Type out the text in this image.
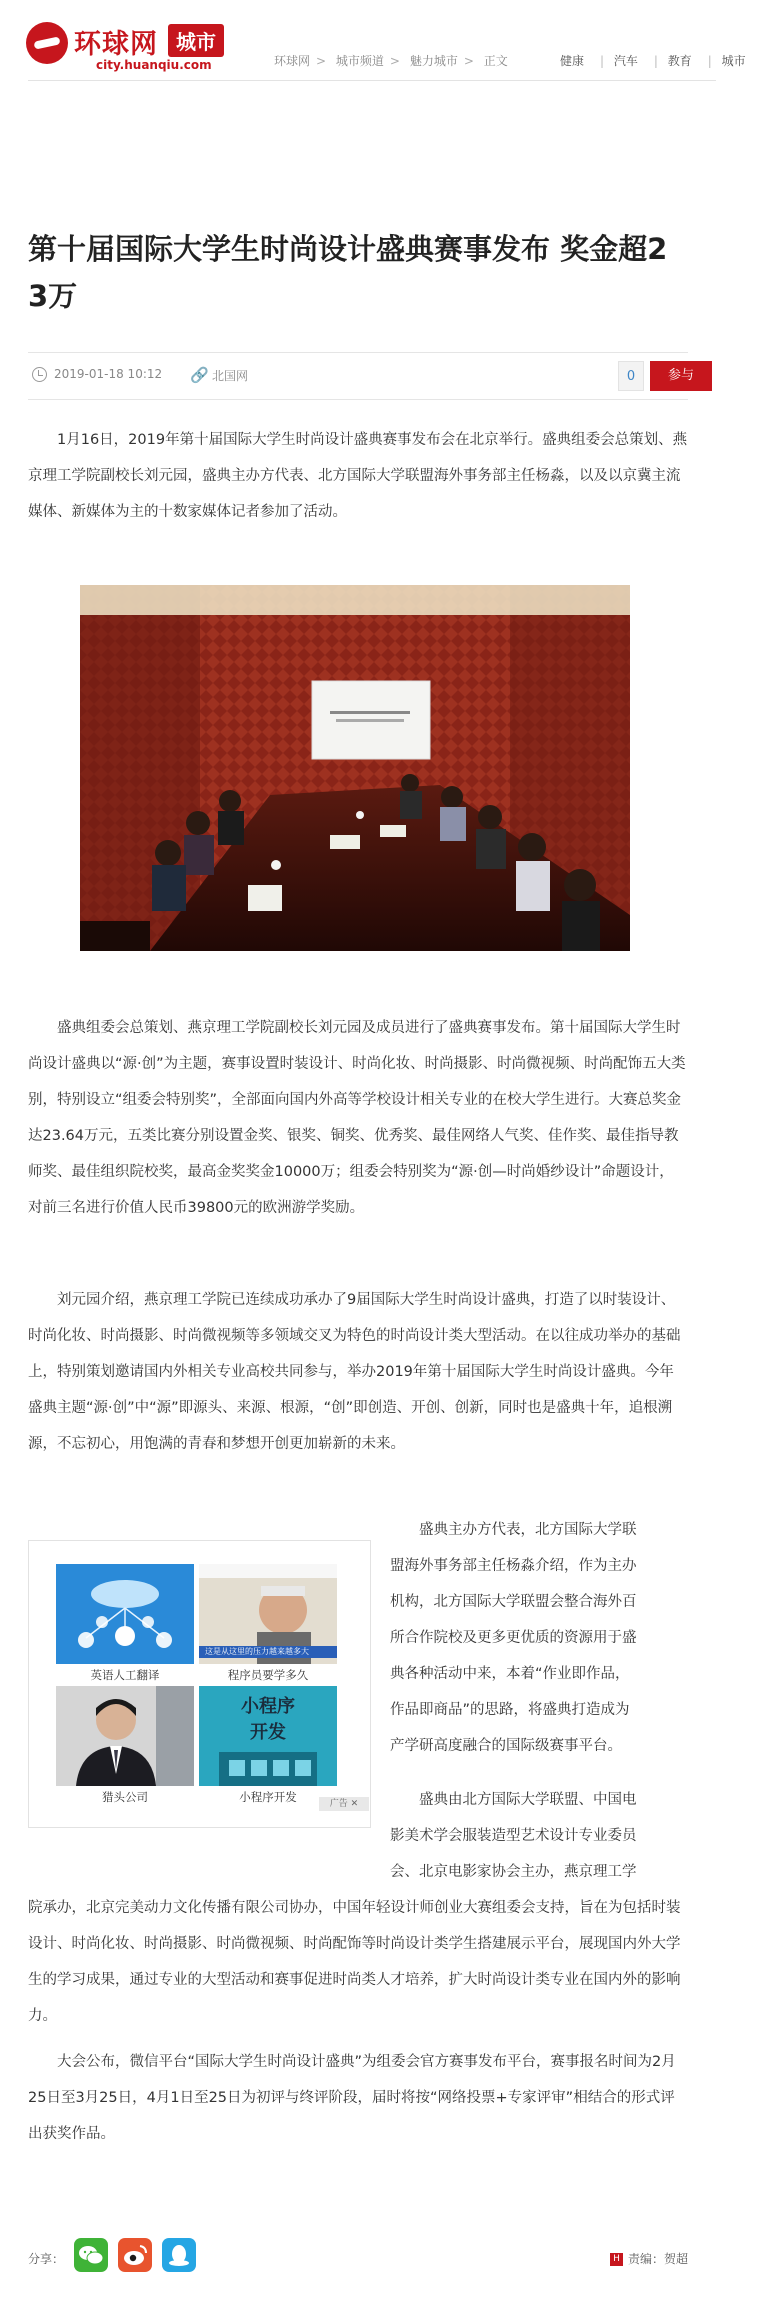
环球网 城市
city.huanqiu.com	环球网 > 城市频道 > 魅力城市 > 正文	健康 | 汽车 | 教育 | 城市
第十届国际大学生时尚设计盛典赛事发布 奖金超2
3万
2019-01-18 10:12 🔗 北国网	0	参与

1月16日，2019年第十届国际大学生时尚设计盛典赛事发布会在北京举行。盛典组委会总策划、燕京理工学院副校长刘元园，盛典主办方代表、北方国际大学联盟海外事务部主任杨淼，以及以京冀主流媒体、新媒体为主的十数家媒体记者参加了活动。

盛典组委会总策划、燕京理工学院副校长刘元园及成员进行了盛典赛事发布。第十届国际大学生时尚设计盛典以“源·创”为主题，赛事设置时装设计、时尚化妆、时尚摄影、时尚微视频、时尚配饰五大类别，特别设立“组委会特别奖”，全部面向国内外高等学校设计相关专业的在校大学生进行。大赛总奖金达23.64万元，五类比赛分别设置金奖、银奖、铜奖、优秀奖、最佳网络人气奖、佳作奖、最佳指导教师奖、最佳组织院校奖，最高金奖奖金10000万；组委会特别奖为“源·创—时尚婚纱设计”命题设计，对前三名进行价值人民币39800元的欧洲游学奖励。

刘元园介绍，燕京理工学院已连续成功承办了9届国际大学生时尚设计盛典，打造了以时装设计、时尚化妆、时尚摄影、时尚微视频等多领域交叉为特色的时尚设计类大型活动。在以往成功举办的基础上，特别策划邀请国内外相关专业高校共同参与，举办2019年第十届国际大学生时尚设计盛典。今年盛典主题“源·创”中“源”即源头、来源、根源，“创”即创造、开创、创新，同时也是盛典十年，追根溯源，不忘初心，用饱满的青春和梦想开创更加崭新的未来。

英语人工翻译
这是从这里的压力越来越多大
程序员要学多久
猎头公司
小程序
开发
小程序开发	广告 ✕
盛典主办方代表，北方国际大学联
盟海外事务部主任杨淼介绍，作为主办
机构，北方国际大学联盟会整合海外百
所合作院校及更多更优质的资源用于盛
典各种活动中来，本着“作业即作品，
作品即商品”的思路，将盛典打造成为
产学研高度融合的国际级赛事平台。
盛典由北方国际大学联盟、中国电
影美术学会服装造型艺术设计专业委员
会、北京电影家协会主办，燕京理工学

院承办，北京完美动力文化传播有限公司协办，中国年轻设计师创业大赛组委会支持，旨在为包括时装设计、时尚化妆、时尚摄影、时尚微视频、时尚配饰等时尚设计类学生搭建展示平台，展现国内外大学生的学习成果，通过专业的大型活动和赛事促进时尚类人才培养，扩大时尚设计类专业在国内外的影响力。

大会公布，微信平台“国际大学生时尚设计盛典”为组委会官方赛事发布平台，赛事报名时间为2月25日至3月25日，4月1日至25日为初评与终评阶段，届时将按“网络投票+专家评审”相结合的形式评出获奖作品。

分享：	H 责编：贺超
